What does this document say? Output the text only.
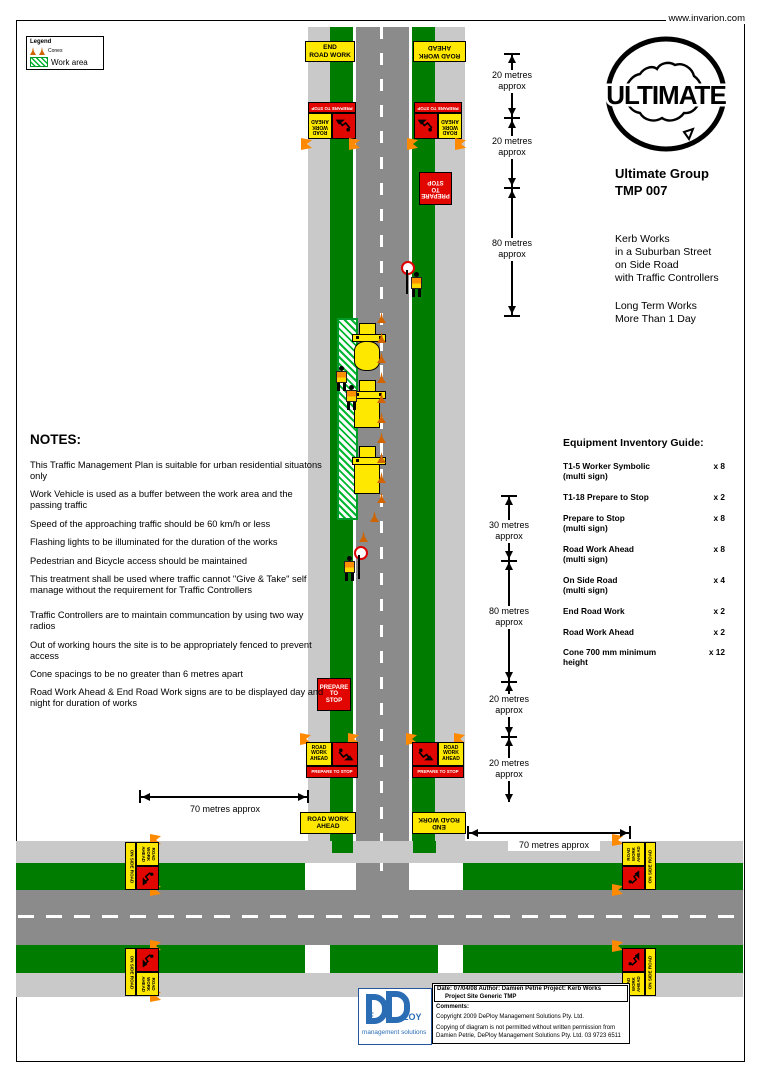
www.invarion.com
END
ROAD WORK	ROAD WORK
AHEAD
PREPARE TO STOP
ROAD
WORK
AHEAD
PREPARE TO STOP
ROAD
WORK
AHEAD
PREPARE
TO
STOP
PREPARE
TO
STOP
ROAD
WORK
AHEAD
PREPARE TO STOP
ROAD
WORK
AHEAD
PREPARE TO STOP
ROAD WORK
AHEAD	END
ROAD WORK
ON SIDE ROAD	ROAD
WORK
AHEAD
ON SIDE ROAD	ROAD
WORK
AHEAD
ROAD WORK AHEAD ON SIDE ROAD
WORK AHEAD ON SIDE ROAD
20 metres
approx
20 metres
approx
80 metres
approx
30 metres
approx
80 metres
approx
20 metres
approx
20 metres
approx
70 metres approx
70 metres approx
Legend
Cones
Work area
NOTES:

This Traffic Management Plan is suitable for urban residential situatons only

Work Vehicle is used as a buffer between the work area and the passing traffic

Speed of the approaching traffic should be 60 km/h or less

Flashing lights to be illuminated for the duration of the works

Pedestrian and Bicycle access should be maintained

This treatment shall be used where traffic cannot "Give & Take" self manage without the requirement for Traffic Controllers

Traffic Controllers are to maintain communcation by using two way radios

Out of working hours the site is to be appropriately fenced to prevent access

Cone spacings to be no greater than 6 metres apart

Road Work Ahead & End Road Work signs are to be displayed day and night for duration of works

ULTIMATE
Ultimate Group
TMP 007
Kerb Works
in a Suburban Street
on Side Road
with Traffic Controllers
Long Term Works
More Than 1 Day
Equipment Inventory Guide:
T1-5 Worker Symbolic
(multi sign)
x 8
T1-18 Prepare to Stop	x 2
Prepare to Stop
(multi sign)
x 8
Road Work Ahead
(multi sign)
x 8
On Side Road
(multi sign)
x 4
End Road Work	x 2
Road Work Ahead	x 2
Cone 700 mm minimum
height
x 12
E	LOY
management solutions
Date: 07/04/08 Author: Damien Petrie Project: Kerb Works
Project Site Generic TMP
Comments:
Copyright 2009 DePloy Management Solutions Pty. Ltd.
Copying of diagram is not permitted without written permission from
Damien Petrie, DePloy Management Solutions Pty. Ltd. 03 9723 6511
